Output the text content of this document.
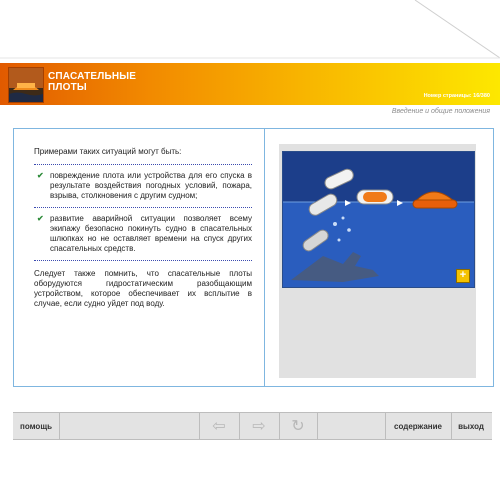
СПАСАТЕЛЬНЫЕ
ПЛОТЫ
Номер страницы: 16/380
Введение и общие положения

Примерами таких ситуаций могут быть:

✔ повреждение плота или устройства для его спуска в результате воздействия погодных условий, пожара, взрыва, столкновения с другим судном;
✔ развитие аварийной ситуации позволяет всему экипажу безопасно покинуть судно в спасательных шлюпках но не оставляет времени на спуск других спасательных средств.

Следует также помнить, что спасательные плоты оборудуются гидростатическим разобщающим устройством, которое обеспечивает их всплытие в случае, если судно уйдет под воду.

+
помощь	⇦ ⇨ ↻	содержание	выход
